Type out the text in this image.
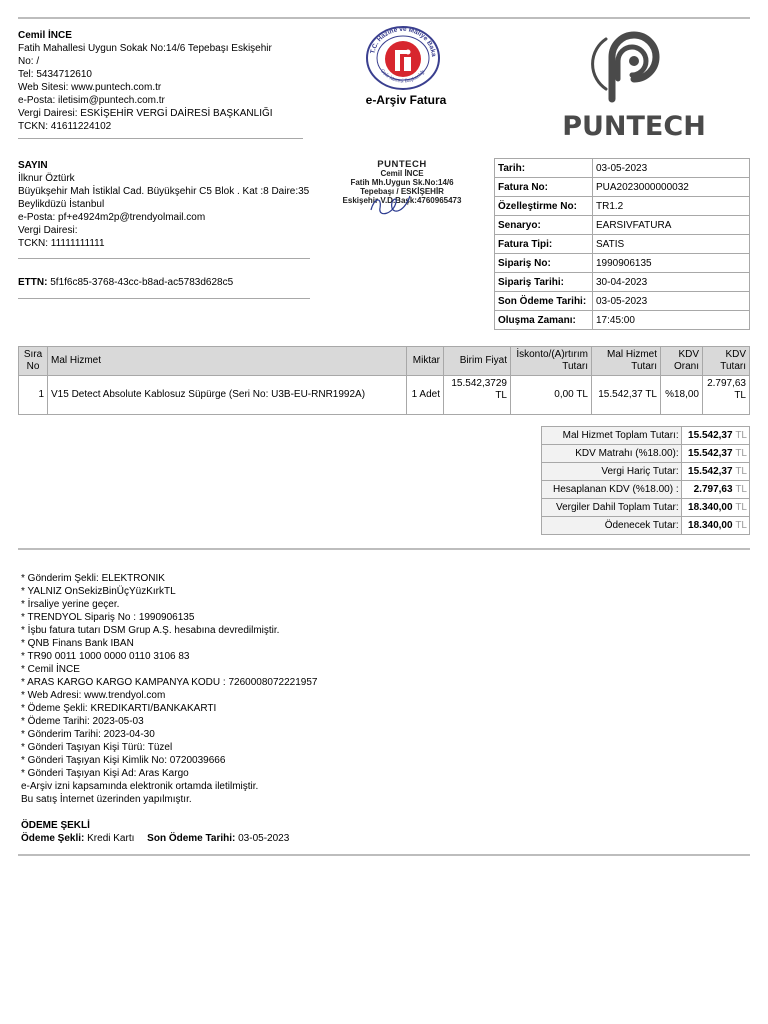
Cemil İNCE
Fatih Mahallesi Uygun Sokak No:14/6 Tepebaşı Eskişehir
No: /
Tel: 5434712610
Web Sitesi: www.puntech.com.tr
e-Posta: iletisim@puntech.com.tr
Vergi Dairesi: ESKİŞEHİR VERGİ DAİRESİ BAŞKANLIĞI
TCKN: 41611224102
T.C. Hazine ve Maliye Baka
Gelir İdaresi Başkanlığı
e-Arşiv Fatura
PUNTECH
SAYIN
İlknur Öztürk
Büyükşehir Mah İstiklal Cad. Büyükşehir C5 Blok . Kat :8 Daire:35
Beylikdüzü İstanbul
e-Posta: pf+e4924m2p@trendyolmail.com
Vergi Dairesi:
TCKN: 11111111111
PUNTECH
Cemil İNCE
Fatih Mh.Uygun Sk.No:14/6
Tepebaşı / ESKİŞEHİR
Eskişehir V.D.Başk:4760965473
ETTN: 5f1f6c85-3768-43cc-b8ad-ac5783d628c5
Tarih:	03-05-2023
Fatura No:	PUA2023000000032
Özelleştirme No:	TR1.2
Senaryo:	EARSIVFATURA
Fatura Tipi:	SATIS
Sipariş No:	1990906135
Sipariş Tarihi:	30-04-2023
Son Ödeme Tarihi:	03-05-2023
Oluşma Zamanı:	17:45:00
Sıra No	Mal Hizmet	Miktar	Birim Fiyat	İskonto/(A)rtırım Tutarı	Mal Hizmet Tutarı	KDV Oranı	KDV Tutarı
1	V15 Detect Absolute Kablosuz Süpürge (Seri No: U3B-EU-RNR1992A)	1 Adet	15.542,3729 TL	0,00 TL	15.542,37 TL	%18,00	2.797,63 TL
Mal Hizmet Toplam Tutarı:	15.542,37 TL
KDV Matrahı (%18.00):	15.542,37 TL
Vergi Hariç Tutar:	15.542,37 TL
Hesaplanan KDV (%18.00) :	2.797,63 TL
Vergiler Dahil Toplam Tutar:	18.340,00 TL
Ödenecek Tutar:	18.340,00 TL
* Gönderim Şekli: ELEKTRONIK
* YALNIZ OnSekizBinÜçYüzKırkTL
* İrsaliye yerine geçer.
* TRENDYOL Sipariş No : 1990906135
* İşbu fatura tutarı DSM Grup A.Ş. hesabına devredilmiştir.
* QNB Finans Bank IBAN
* TR90 0011 1000 0000 0110 3106 83
* Cemil İNCE
* ARAS KARGO KARGO KAMPANYA KODU : 7260008072221957
* Web Adresi: www.trendyol.com
* Ödeme Şekli: KREDIKARTI/BANKAKARTI
* Ödeme Tarihi: 2023-05-03
* Gönderim Tarihi: 2023-04-30
* Gönderi Taşıyan Kişi Türü: Tüzel
* Gönderi Taşıyan Kişi Kimlik No: 0720039666
* Gönderi Taşıyan Kişi Ad: Aras Kargo
e-Arşiv izni kapsamında elektronik ortamda iletilmiştir.
Bu satış İnternet üzerinden yapılmıştır.
ÖDEME ŞEKLİ
Ödeme Şekli: Kredi Kartı Son Ödeme Tarihi: 03-05-2023
